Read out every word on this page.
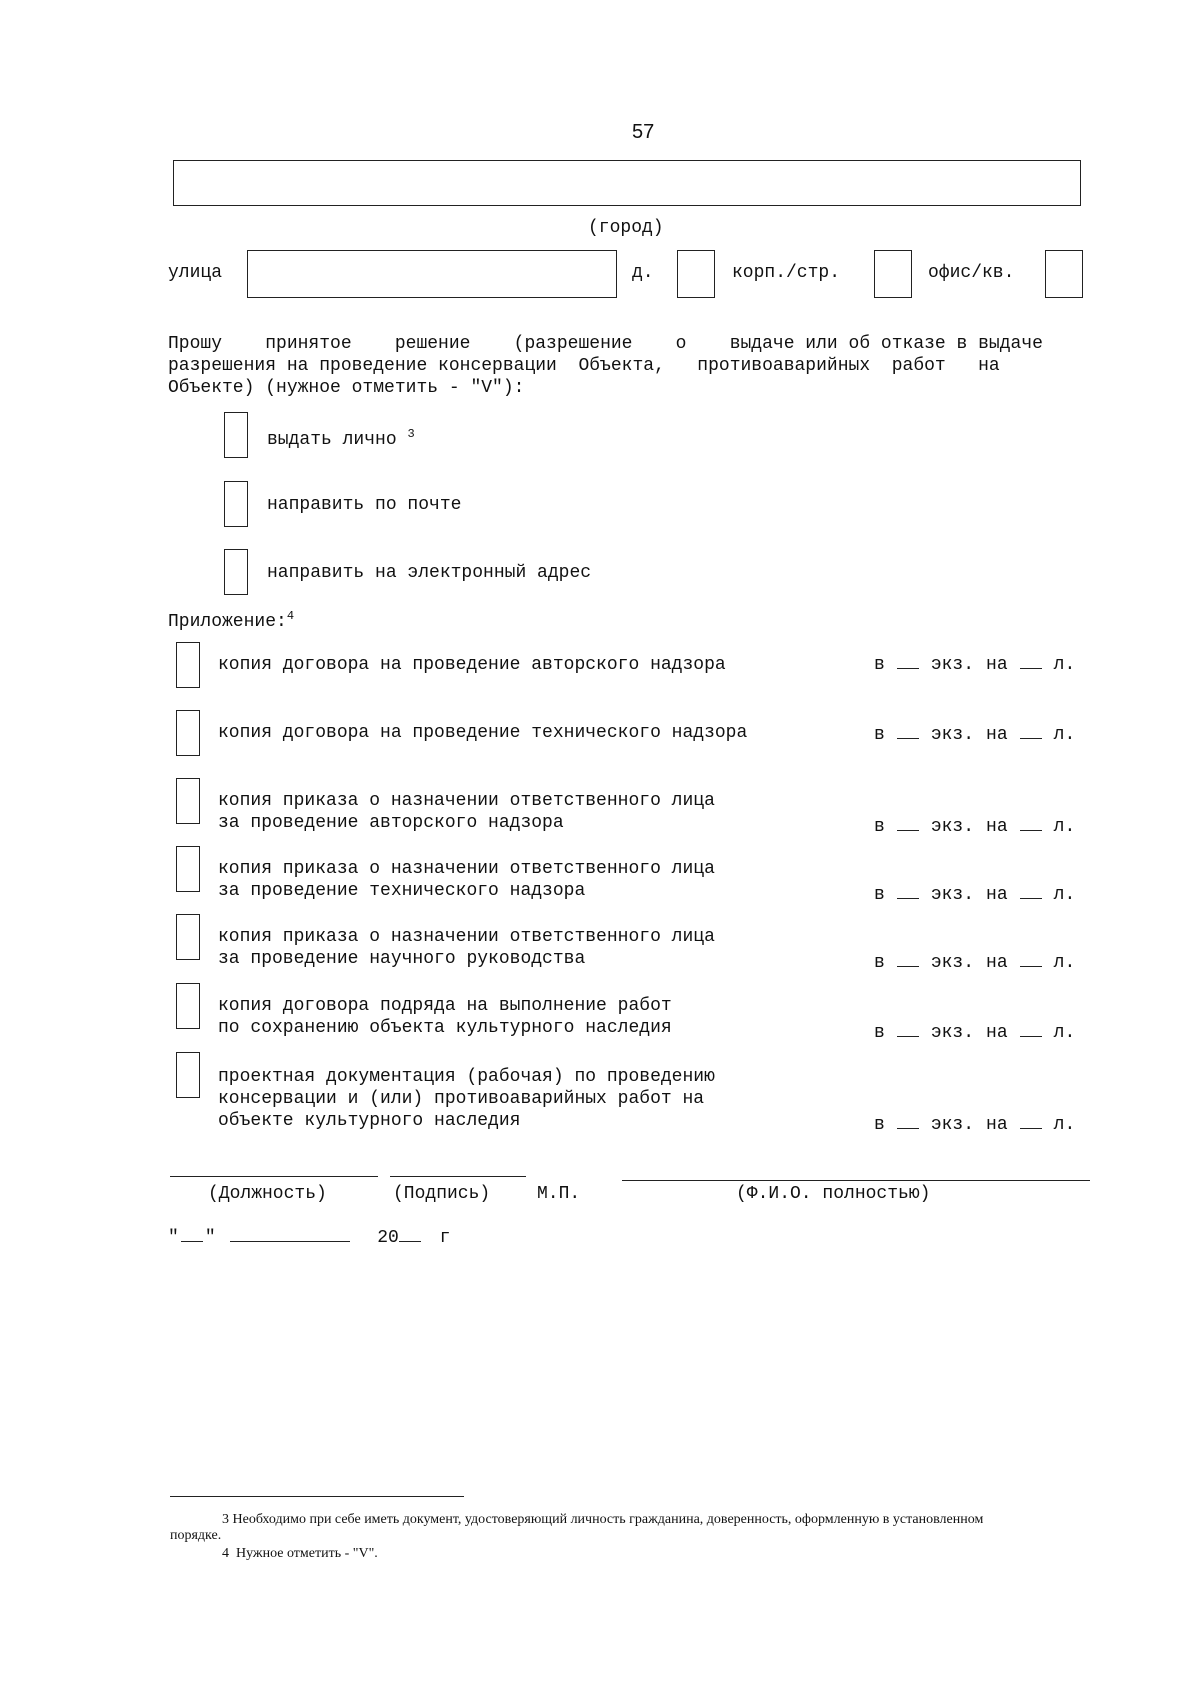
57
(город)
улица	д.	корп./стр.	офис/кв.
Прошу    принятое    решение    (разрешение    о    выдаче или об отказе в выдаче
разрешения на проведение консервации  Объекта,   противоаварийных  работ   на
Объекте) (нужное отметить - "V"):
выдать лично $^3$
направить по почте
направить на электронный адрес
Приложение:$^4$
копия договора на проведение авторского надзора	в	экз. на	л.
копия договора на проведение технического надзора	в	экз. на	л.
копия приказа о назначении ответственного лица
за проведение авторского надзора	в	экз. на	л.
копия приказа о назначении ответственного лица
за проведение технического надзора	в	экз. на	л.
копия приказа о назначении ответственного лица
за проведение научного руководства	в	экз. на	л.
копия договора подряда на выполнение работ
по сохранению объекта культурного наследия	в	экз. на	л.
проектная документация (рабочая) по проведению
консервации и (или) противоаварийных работ на
объекте культурного наследия	в	экз. на	л.
(Должность)	(Подпись)	М.П.	(Ф.И.О. полностью)
" "	20 г
3 Необходимо при себе иметь документ, удостоверяющий личность гражданина, доверенность, оформленную в установленном
порядке.
4 Нужное отметить - "V".
